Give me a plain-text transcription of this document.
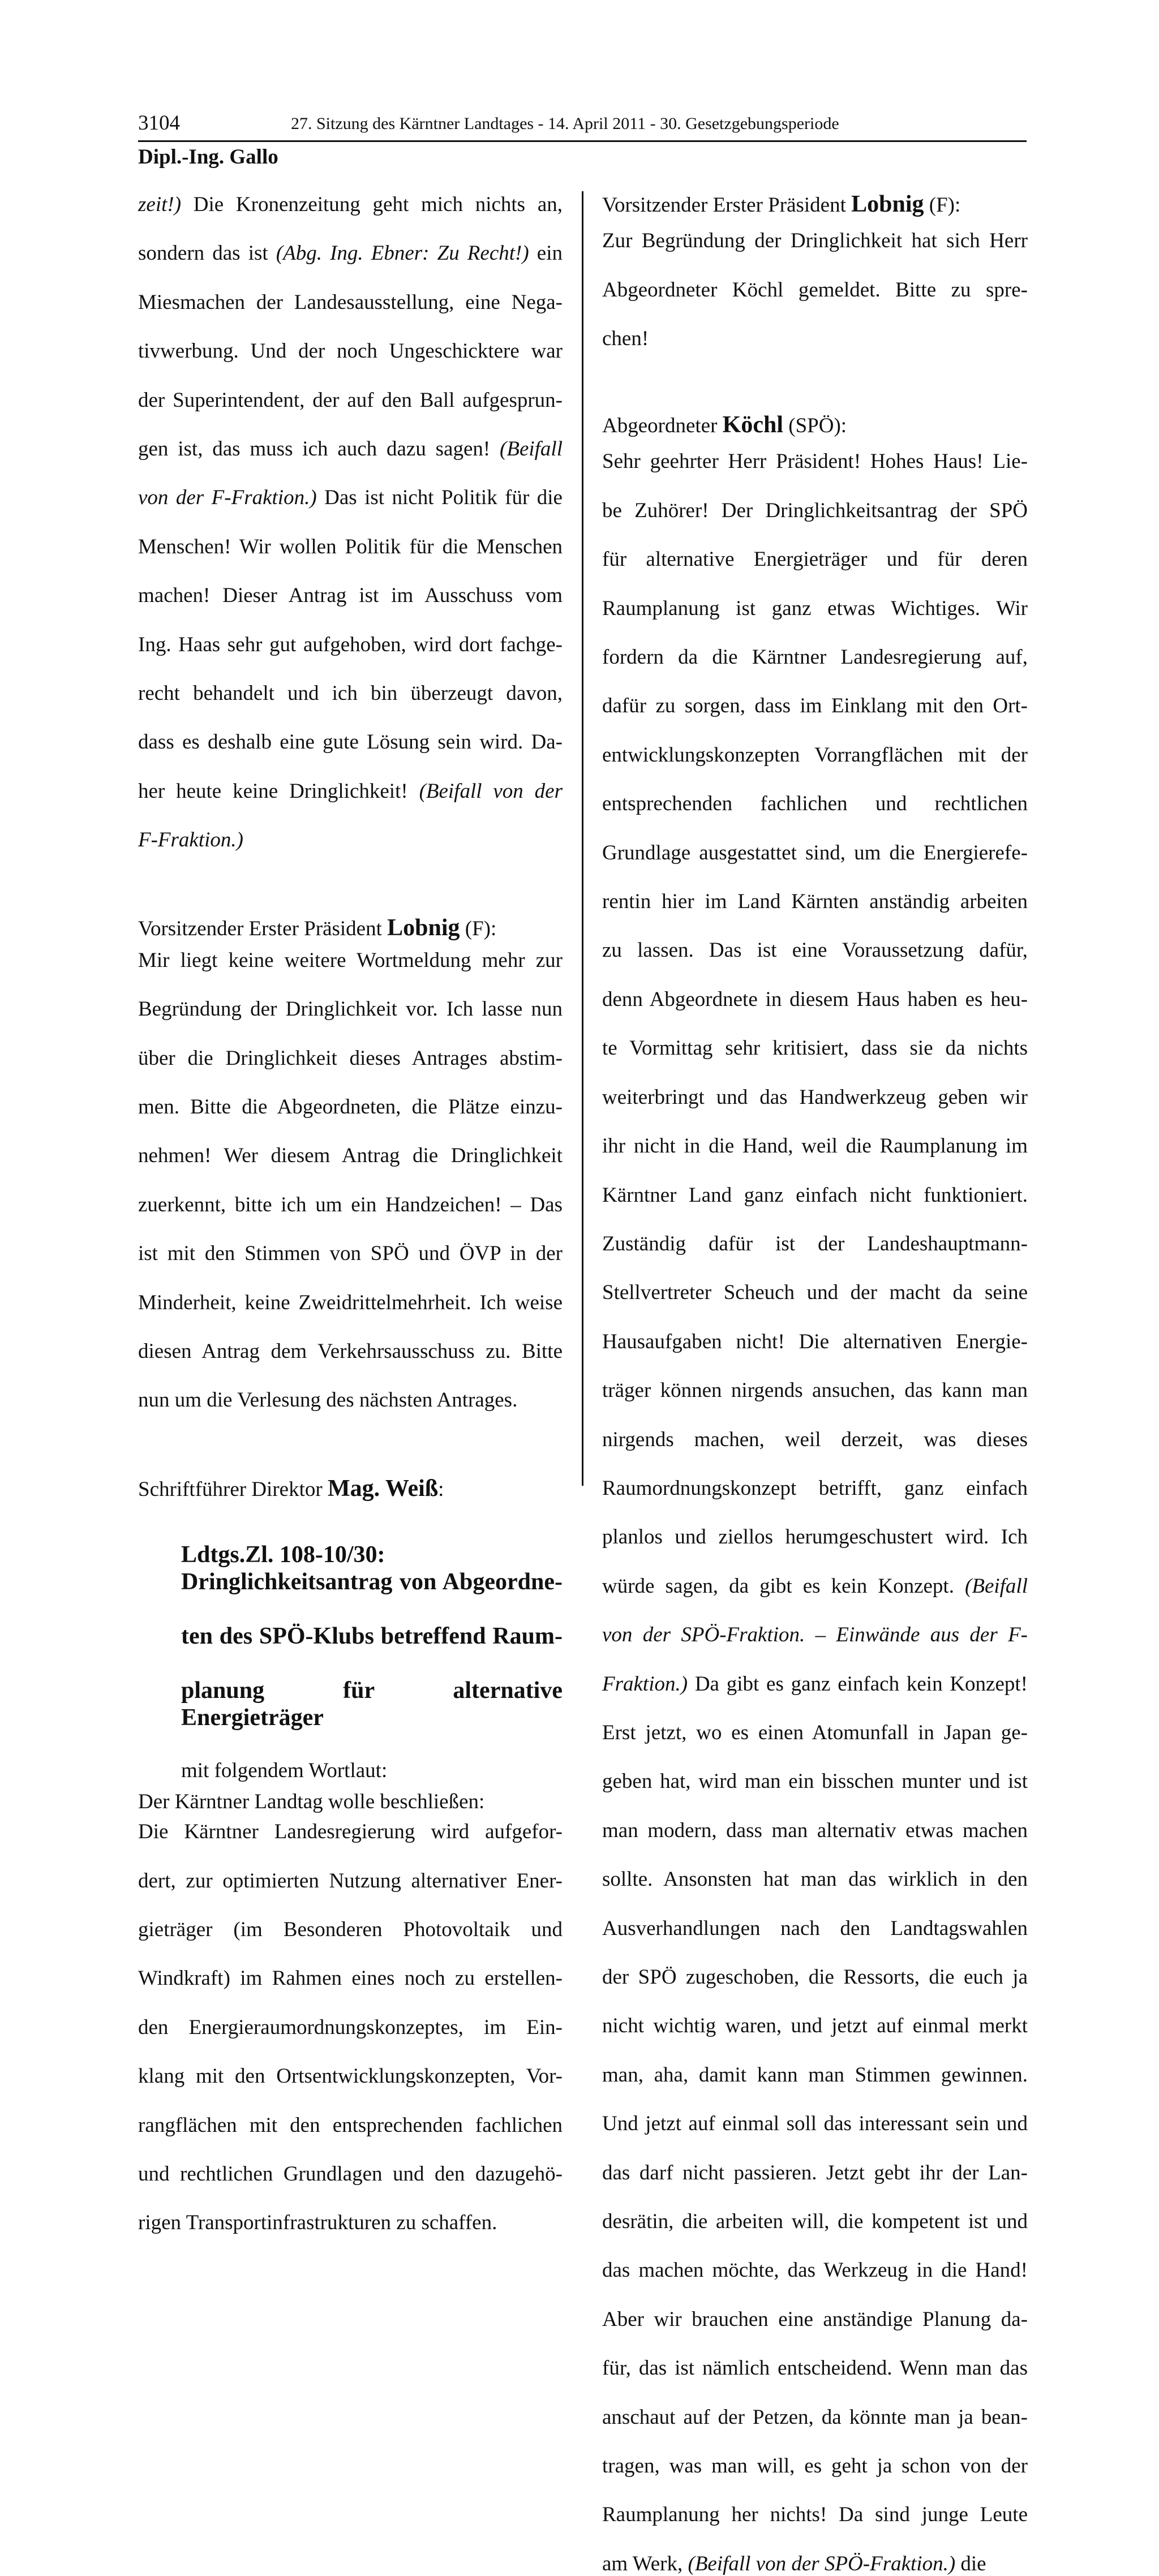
3104	27. Sitzung des Kärntner Landtages - 14. April 2011 - 30. Gesetzgebungsperiode
Dipl.-Ing. Gallo
zeit!) Die Kronenzeitung geht mich nichts an,
sondern das ist (Abg. Ing. Ebner: Zu Recht!) ein
Miesmachen der Landesausstellung, eine Nega-
tivwerbung. Und der noch Ungeschicktere war
der Superintendent, der auf den Ball aufgesprun-
gen ist, das muss ich auch dazu sagen! (Beifall
von der F-Fraktion.) Das ist nicht Politik für die
Menschen! Wir wollen Politik für die Menschen
machen! Dieser Antrag ist im Ausschuss vom
Ing. Haas sehr gut aufgehoben, wird dort fachge-
recht behandelt und ich bin überzeugt davon,
dass es deshalb eine gute Lösung sein wird. Da-
her heute keine Dringlichkeit! (Beifall von der
F-Fraktion.)

Vorsitzender Erster Präsident Lobnig (F):

Mir liegt keine weitere Wortmeldung mehr zur
Begründung der Dringlichkeit vor. Ich lasse nun
über die Dringlichkeit dieses Antrages abstim-
men. Bitte die Abgeordneten, die Plätze einzu-
nehmen! Wer diesem Antrag die Dringlichkeit
zuerkennt, bitte ich um ein Handzeichen! – Das
ist mit den Stimmen von SPÖ und ÖVP in der
Minderheit, keine Zweidrittelmehrheit. Ich weise
diesen Antrag dem Verkehrsausschuss zu. Bitte
nun um die Verlesung des nächsten Antrages.

Schriftführer Direktor Mag. Weiß:

Ldtgs.Zl. 108-10/30:
Dringlichkeitsantrag von Abgeordne-
ten des SPÖ-Klubs betreffend Raum-
planung für alternative Energieträger

mit folgendem Wortlaut:

Der Kärntner Landtag wolle beschließen:

Die Kärntner Landesregierung wird aufgefor-
dert, zur optimierten Nutzung alternativer Ener-
gieträger (im Besonderen Photovoltaik und
Windkraft) im Rahmen eines noch zu erstellen-
den Energieraumordnungskonzeptes, im Ein-
klang mit den Ortsentwicklungskonzepten, Vor-
rangflächen mit den entsprechenden fachlichen
und rechtlichen Grundlagen und den dazugehö-
rigen Transportinfrastrukturen zu schaffen.

Vorsitzender Erster Präsident Lobnig (F):

Zur Begründung der Dringlichkeit hat sich Herr
Abgeordneter Köchl gemeldet. Bitte zu spre-
chen!

Abgeordneter Köchl (SPÖ):

Sehr geehrter Herr Präsident! Hohes Haus! Lie-
be Zuhörer! Der Dringlichkeitsantrag der SPÖ
für alternative Energieträger und für deren
Raumplanung ist ganz etwas Wichtiges. Wir
fordern da die Kärntner Landesregierung auf,
dafür zu sorgen, dass im Einklang mit den Ort-
entwicklungskonzepten Vorrangflächen mit der
entsprechenden fachlichen und rechtlichen
Grundlage ausgestattet sind, um die Energierefe-
rentin hier im Land Kärnten anständig arbeiten
zu lassen. Das ist eine Voraussetzung dafür,
denn Abgeordnete in diesem Haus haben es heu-
te Vormittag sehr kritisiert, dass sie da nichts
weiterbringt und das Handwerkzeug geben wir
ihr nicht in die Hand, weil die Raumplanung im
Kärntner Land ganz einfach nicht funktioniert.
Zuständig dafür ist der Landeshauptmann-
Stellvertreter Scheuch und der macht da seine
Hausaufgaben nicht! Die alternativen Energie-
träger können nirgends ansuchen, das kann man
nirgends machen, weil derzeit, was dieses
Raumordnungskonzept betrifft, ganz einfach
planlos und ziellos herumgeschustert wird. Ich
würde sagen, da gibt es kein Konzept. (Beifall
von der SPÖ-Fraktion. – Einwände aus der F-
Fraktion.) Da gibt es ganz einfach kein Konzept!
Erst jetzt, wo es einen Atomunfall in Japan ge-
geben hat, wird man ein bisschen munter und ist
man modern, dass man alternativ etwas machen
sollte. Ansonsten hat man das wirklich in den
Ausverhandlungen nach den Landtagswahlen
der SPÖ zugeschoben, die Ressorts, die euch ja
nicht wichtig waren, und jetzt auf einmal merkt
man, aha, damit kann man Stimmen gewinnen.
Und jetzt auf einmal soll das interessant sein und
das darf nicht passieren. Jetzt gebt ihr der Lan-
desrätin, die arbeiten will, die kompetent ist und
das machen möchte, das Werkzeug in die Hand!
Aber wir brauchen eine anständige Planung da-
für, das ist nämlich entscheidend. Wenn man das
anschaut auf der Petzen, da könnte man ja bean-
tragen, was man will, es geht ja schon von der
Raumplanung her nichts! Da sind junge Leute
am Werk, (Beifall von der SPÖ-Fraktion.) die
